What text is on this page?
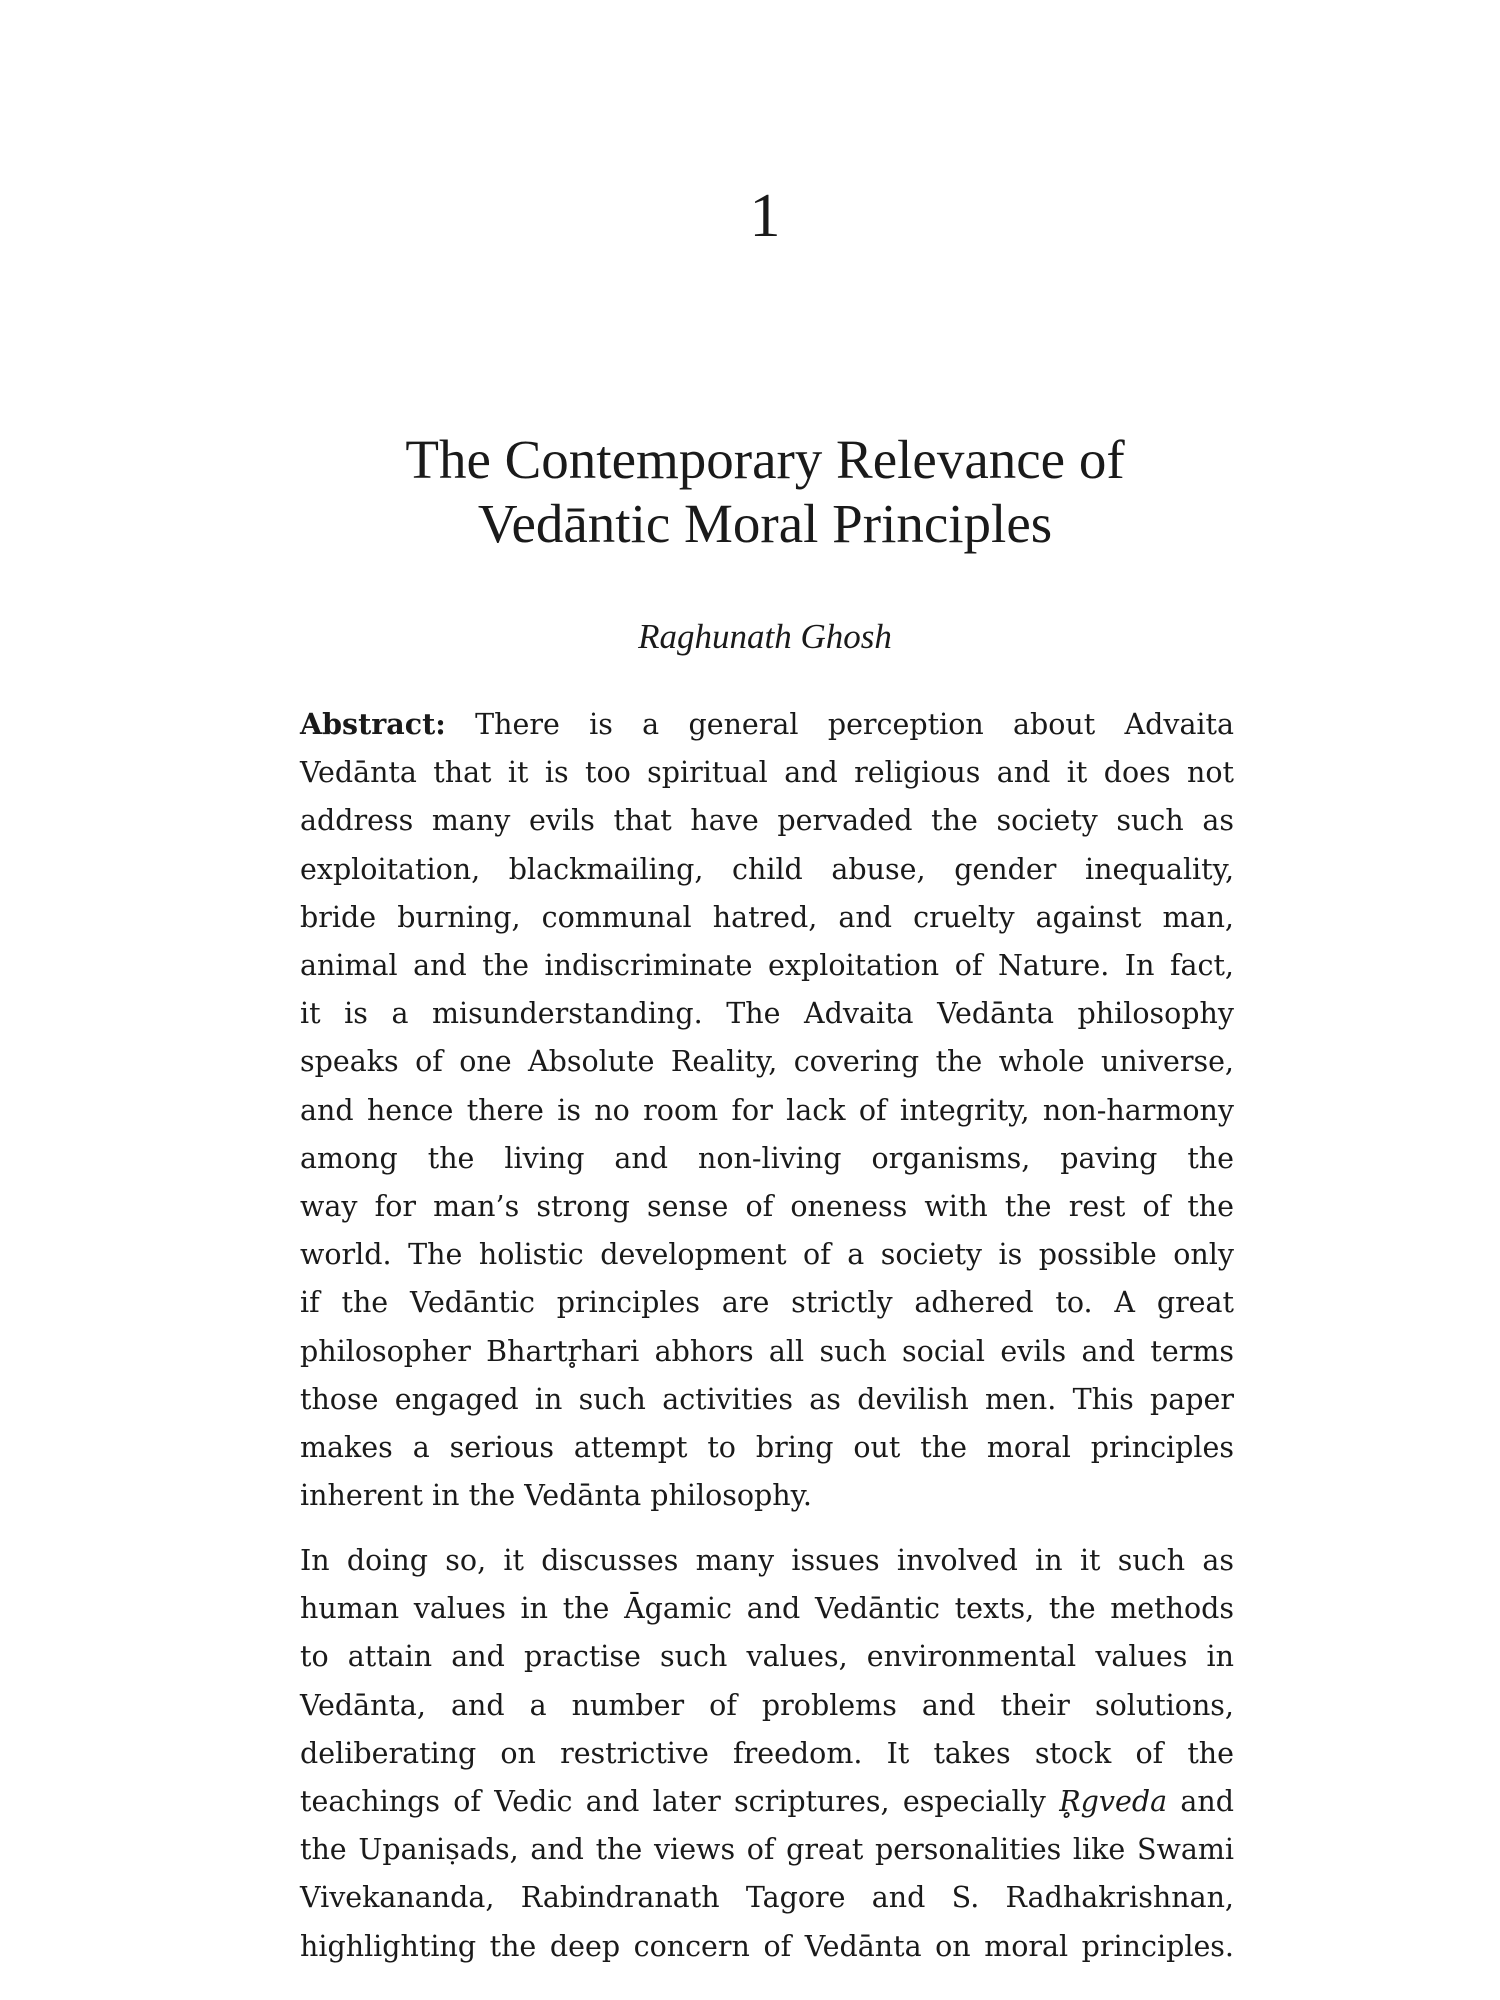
1
The Contemporary Relevance of
Vedāntic Moral Principles

Raghunath Ghosh

Abstract: There is a general perception about Advaita
Vedānta that it is too spiritual and religious and it does not
address many evils that have pervaded the society such as
exploitation, blackmailing, child abuse, gender inequality,
bride burning, communal hatred, and cruelty against man,
animal and the indiscriminate exploitation of Nature. In fact,
it is a misunderstanding. The Advaita Vedānta philosophy
speaks of one Absolute Reality, covering the whole universe,
and hence there is no room for lack of integrity, non-harmony
among the living and non-living organisms, paving the
way for man’s strong sense of oneness with the rest of the
world. The holistic development of a society is possible only
if the Vedāntic principles are strictly adhered to. A great
philosopher Bhartr̥hari abhors all such social evils and terms
those engaged in such activities as devilish men. This paper
makes a serious attempt to bring out the moral principles
inherent in the Vedānta philosophy.
In doing so, it discusses many issues involved in it such as
human values in the Āgamic and Vedāntic texts, the methods
to attain and practise such values, environmental values in
Vedānta, and a number of problems and their solutions,
deliberating on restrictive freedom. It takes stock of the
teachings of Vedic and later scriptures, especially R̥gveda and
the Upaniṣads, and the views of great personalities like Swami
Vivekananda, Rabindranath Tagore and S. Radhakrishnan,
highlighting the deep concern of Vedānta on moral principles.
